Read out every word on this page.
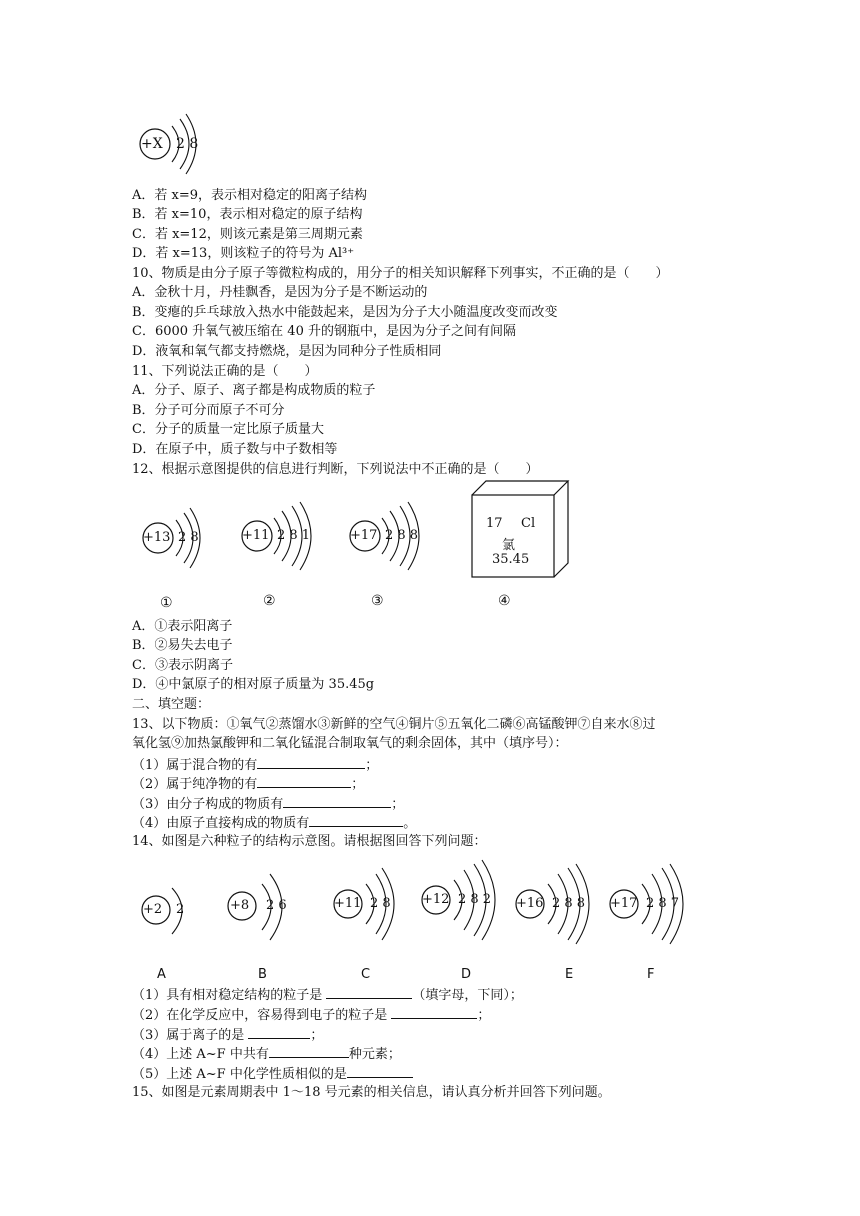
+X 2 8
A．若 x=9，表示相对稳定的阳离子结构
B．若 x=10，表示相对稳定的原子结构
C．若 x=12，则该元素是第三周期元素
D．若 x=13，则该粒子的符号为 Al³⁺
10、物质是由分子原子等微粒构成的，用分子的相关知识解释下列事实，不正确的是（　　）
A．金秋十月，丹桂飘香，是因为分子是不断运动的
B．变瘪的乒乓球放入热水中能鼓起来，是因为分子大小随温度改变而改变
C．6000 升氧气被压缩在 40 升的钢瓶中，是因为分子之间有间隔
D．液氧和氧气都支持燃烧，是因为同种分子性质相同
11、下列说法正确的是（　　）
A．分子、原子、离子都是构成物质的粒子
B．分子可分而原子不可分
C．分子的质量一定比原子质量大
D．在原子中，质子数与中子数相等
12、根据示意图提供的信息进行判断，下列说法中不正确的是（　　）
+13 2 8	+11 2 8 1	+17 2 8 8
17 Cl
氯
35.45
①	②	③	④
A．①表示阳离子
B．②易失去电子
C．③表示阴离子
D．④中氯原子的相对原子质量为 35.45g
二、填空题：
13、以下物质：①氧气②蒸馏水③新鲜的空气④铜片⑤五氧化二磷⑥高锰酸钾⑦自来水⑧过
氧化氢⑨加热氯酸钾和二氧化锰混合制取氧气的剩余固体，其中（填序号）：
（1）属于混合物的有	；
（2）属于纯净物的有	；
（3）由分子构成的物质有	；
（4）由原子直接构成的物质有	。
14、如图是六种粒子的结构示意图。请根据图回答下列问题：
+2 2	+8 2 6	+11 2 8 +12 2 8 2 +16 2 8 8 +17 2 8 7
A	B	C	D	E	F
（1）具有相对稳定结构的粒子是	（填字母，下同）；
（2）在化学反应中，容易得到电子的粒子是	；
（3）属于离子的是	；
（4）上述 A~F 中共有	种元素；
（5）上述 A~F 中化学性质相似的是
15、如图是元素周期表中 1～18 号元素的相关信息，请认真分析并回答下列问题。
